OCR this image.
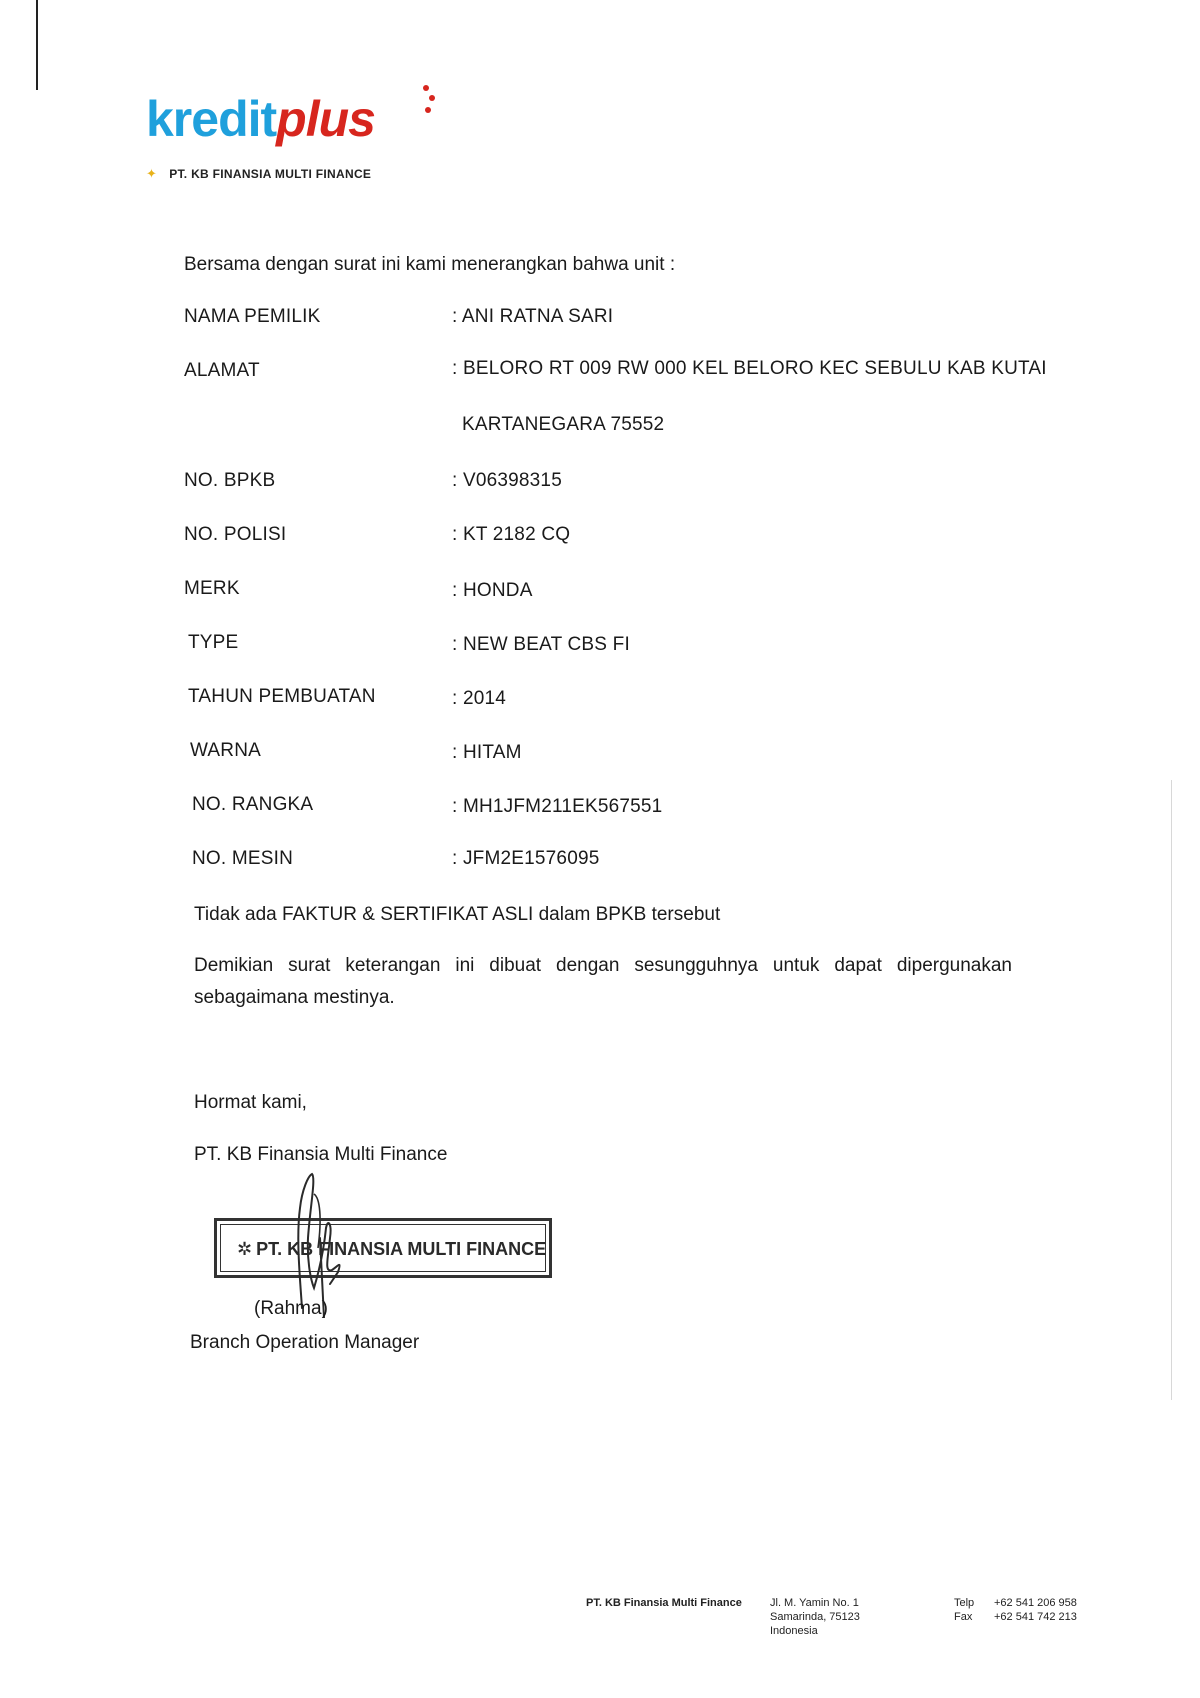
kreditplus
✦ PT. KB FINANSIA MULTI FINANCE
Bersama dengan surat ini kami menerangkan bahwa unit :
NAMA PEMILIK	: ANI RATNA SARI
ALAMAT	: BELORO RT 009 RW 000 KEL BELORO KEC SEBULU KAB KUTAI
KARTANEGARA 75552
NO. BPKB	: V06398315
NO. POLISI	: KT 2182 CQ
MERK	: HONDA
TYPE	: NEW BEAT CBS FI
TAHUN PEMBUATAN	: 2014
WARNA	: HITAM
NO. RANGKA	: MH1JFM211EK567551
NO. MESIN	: JFM2E1576095
Tidak ada FAKTUR & SERTIFIKAT ASLI dalam BPKB tersebut
Demikian surat keterangan ini dibuat dengan sesungguhnya untuk dapat dipergunakan sebagaimana mestinya.
Hormat kami,
PT. KB Finansia Multi Finance
✲ PT. KB FINANSIA MULTI FINANCE
(Rahma)
Branch Operation Manager
PT. KB Finansia Multi Finance	Jl. M. Yamin No. 1
Samarinda, 75123
Indonesia
Telp +62 541 206 958
Fax +62 541 742 213
